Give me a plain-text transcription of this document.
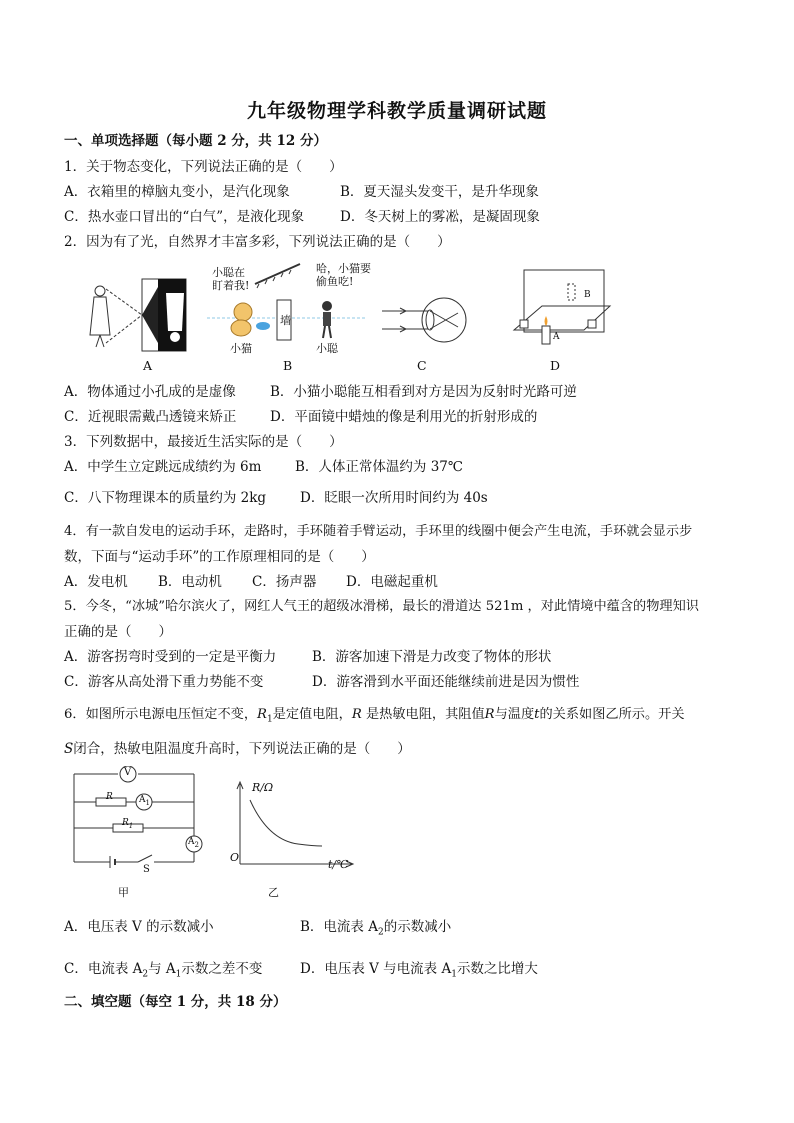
九年级物理学科教学质量调研试题
一、单项选择题（每小题 2 分，共 12 分）
1．关于物态变化，下列说法正确的是（　　）
A．衣箱里的樟脑丸变小，是汽化现象	B．夏天湿头发变干，是升华现象
C．热水壶口冒出的“白气”，是液化现象	D．冬天树上的雾凇，是凝固现象
2．因为有了光，自然界才丰富多彩，下列说法正确的是（　　）
A
小聪在
盯着我!
哈，小猫要
偷鱼吃!
墙
小猫	小聪
B	C
A
B
D
A．物体通过小孔成的是虚像	B．小猫小聪能互相看到对方是因为反射时光路可逆
C．近视眼需戴凸透镜来矫正 D．平面镜中蜡烛的像是利用光的折射形成的
3．下列数据中，最接近生活实际的是（　　）
A．中学生立定跳远成绩约为 6m B．人体正常体温约为 37℃
C．八下物理课本的质量约为 2kg	D．眨眼一次所用时间约为 40s
4．有一款自发电的运动手环，走路时，手环随着手臂运动，手环里的线圈中便会产生电流，手环就会显示步
数，下面与“运动手环”的工作原理相同的是（　　）
A．发电机 B．电动机 C．扬声器 D．电磁起重机
5．今冬，“冰城”哈尔滨火了，网红人气王的超级冰滑梯，最长的滑道达 521m ，对此情境中蕴含的物理知识
正确的是（　　）
A．游客拐弯时受到的一定是平衡力	B．游客加速下滑是力改变了物体的形状
C．游客从高处滑下重力势能不变	D．游客滑到水平面还能继续前进是因为惯性
6．如图所示电源电压恒定不变，$R_1$是定值电阻，R 是热敏电阻，其阻值R与温度t的关系如图乙所示。开关
S闭合，热敏电阻温度升高时，下列说法正确的是（　　）
V
R	$A_1$
$R_1$
$A_2$
S
甲
R/Ω
t/℃
O
乙
A．电压表 V 的示数减小	B．电流表 $A_2$的示数减小
C．电流表 $A_2$与 $A_1$示数之差不变	D．电压表 V 与电流表 $A_1$示数之比增大
二、填空题（每空 1 分，共 18 分）
